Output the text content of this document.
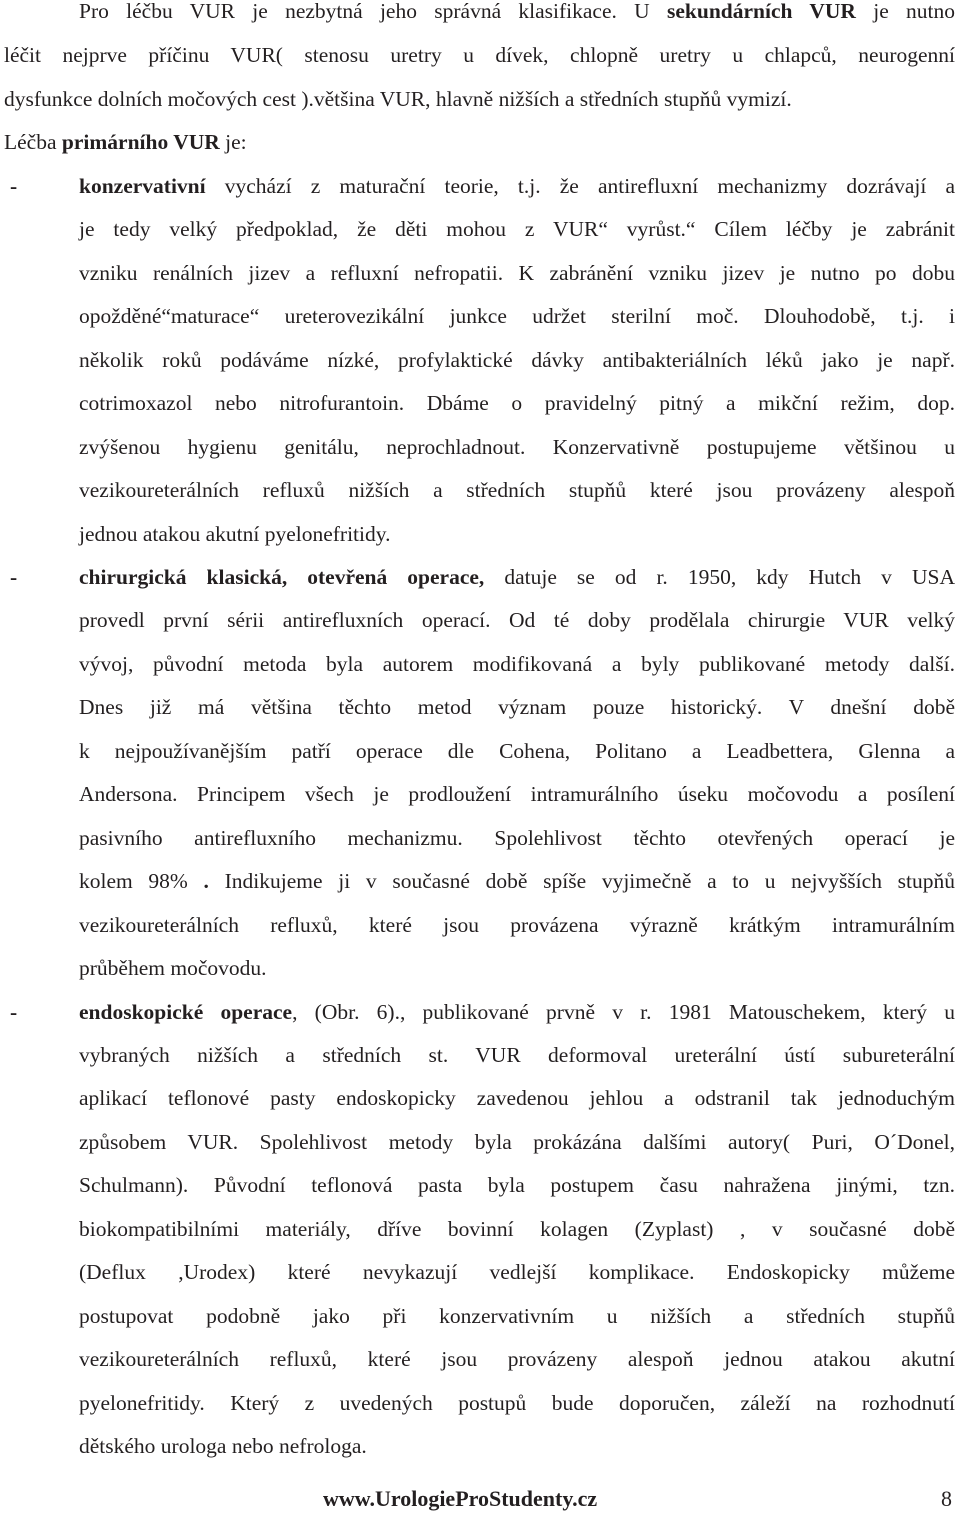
Pro léčbu VUR je nezbytná jeho správná klasifikace. U sekundárních VUR je nutno
léčit nejprve příčinu VUR( stenosu uretry u dívek, chlopně uretry u chlapců, neurogenní
dysfunkce dolních močových cest ).většina VUR, hlavně nižších a středních stupňů vymizí.
Léčba primárního VUR je:
-	konzervativní vychází z maturační teorie, t.j. že antirefluxní mechanizmy dozrávají a
je tedy velký předpoklad, že děti mohou z VUR“ vyrůst.“ Cílem léčby je zabránit
vzniku renálních jizev a refluxní nefropatii. K zabránění vzniku jizev je nutno po dobu
opožděné“maturace“ ureterovezikální junkce udržet sterilní moč. Dlouhodobě, t.j. i
několik roků podáváme nízké, profylaktické dávky antibakteriálních léků jako je např.
cotrimoxazol nebo nitrofurantoin. Dbáme o pravidelný pitný a mikční režim, dop.
zvýšenou hygienu genitálu, neprochladnout. Konzervativně postupujeme většinou u
vezikoureterálních refluxů nižších a středních stupňů které jsou provázeny alespoň
jednou atakou akutní pyelonefritidy.
-	chirurgická klasická, otevřená operace, datuje se od r. 1950, kdy Hutch v USA
provedl první sérii antirefluxních operací. Od té doby prodělala chirurgie VUR velký
vývoj, původní metoda byla autorem modifikovaná a byly publikované metody další.
Dnes již má většina těchto metod význam pouze historický. V dnešní době
k nejpoužívanějším patří operace dle Cohena, Politano a Leadbettera, Glenna a
Andersona. Principem všech je prodloužení intramurálního úseku močovodu a posílení
pasivního antirefluxního mechanizmu. Spolehlivost těchto otevřených operací je
kolem 98% . Indikujeme ji v současné době spíše vyjimečně a to u nejvyšších stupňů
vezikoureterálních refluxů, které jsou provázena výrazně krátkým intramurálním
průběhem močovodu.
-	endoskopické operace, (Obr. 6)., publikované prvně v r. 1981 Matouschekem, který u
vybraných nižších a středních st. VUR deformoval ureterální ústí subureterální
aplikací teflonové pasty endoskopicky zavedenou jehlou a odstranil tak jednoduchým
způsobem VUR. Spolehlivost metody byla prokázána dalšími autory( Puri, O´Donel,
Schulmann). Původní teflonová pasta byla postupem času nahražena jinými, tzn.
biokompatibilními materiály, dříve bovinní kolagen (Zyplast) , v současné době
(Deflux ,Urodex) které nevykazují vedlejší komplikace. Endoskopicky můžeme
postupovat podobně jako při konzervativním u nižších a středních stupňů
vezikoureterálních refluxů, které jsou provázeny alespoň jednou atakou akutní
pyelonefritidy. Který z uvedených postupů bude doporučen, záleží na rozhodnutí
dětského urologa nebo nefrologa.
www.UrologieProStudenty.cz	8
